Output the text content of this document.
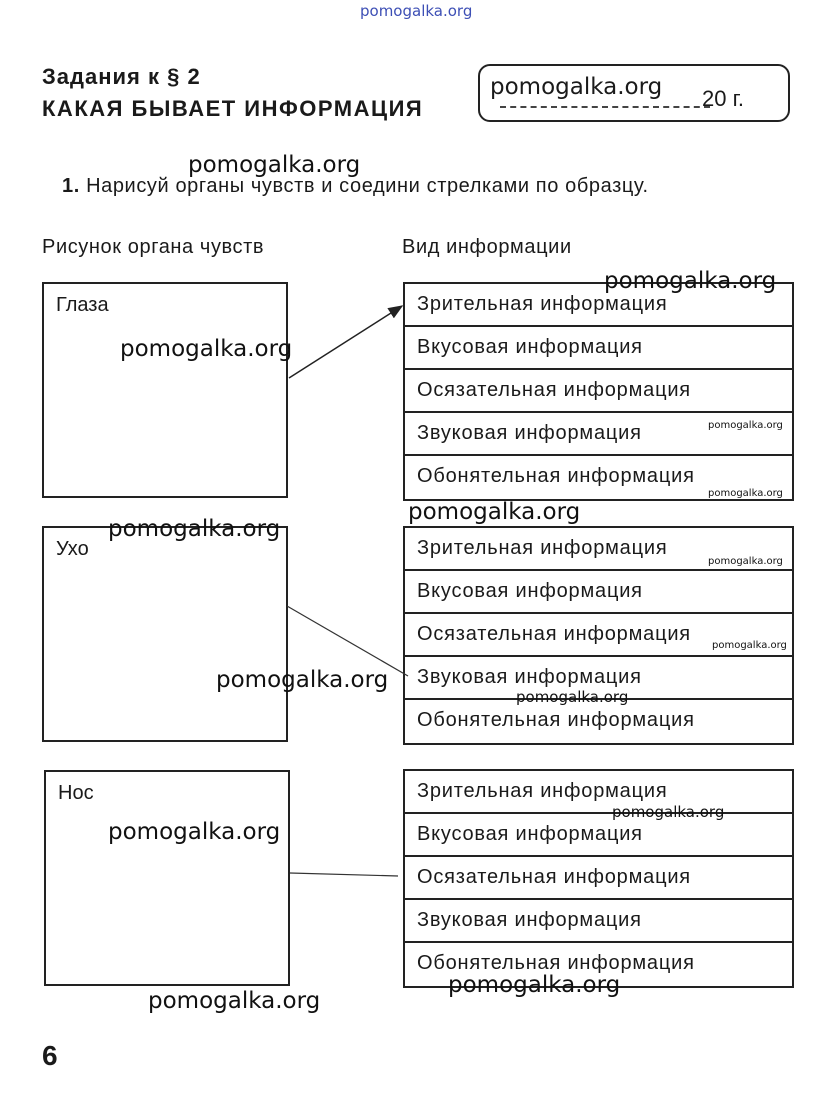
pomogalka.org
Задания к § 2
КАКАЯ БЫВАЕТ ИНФОРМАЦИЯ
pomogalka.org 20 г.
pomogalka.org
1. Нарисуй органы чувств и соедини стрелками по образцу.
Рисунок органа чувств	Вид информации
Глаза
Ухо
Нос
Зрительная информация
Вкусовая информация
Осязательная информация
Звуковая информация
Обонятельная информация
Зрительная информация
Вкусовая информация
Осязательная информация
Звуковая информация
Обонятельная информация
Зрительная информация
Вкусовая информация
Осязательная информация
Звуковая информация
Обонятельная информация
pomogalka.org
pomogalka.org
pomogalka.org
pomogalka.org
pomogalka.org
pomogalka.org
pomogalka.org
pomogalka.org
pomogalka.org
pomogalka.org
pomogalka.org
pomogalka.org
pomogalka.org
pomogalka.org
6
